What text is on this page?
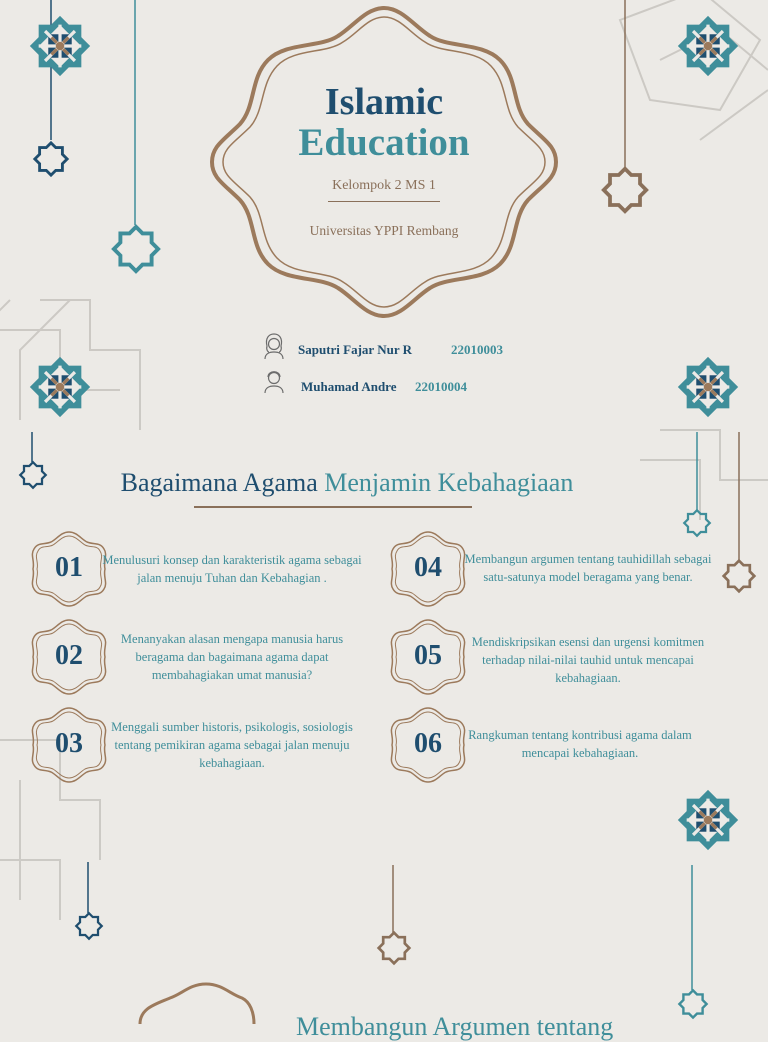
Islamic
Education
Kelompok 2 MS 1
Universitas YPPI Rembang
Saputri Fajar Nur R	22010003
Muhamad Andre 22010004
Bagaimana Agama Menjamin Kebahagiaan
01	Menulusuri konsep dan karakteristik agama sebagai jalan menuju Tuhan dan Kebahagian .
02
Menanyakan alasan mengapa manusia harus beragama dan bagaimana agama dapat membahagiakan umat manusia?
03
Menggali sumber historis, psikologis, sosiologis tentang pemikiran agama sebagai jalan menuju kebahagiaan.
04	Membangun argumen tentang tauhidillah sebagai satu-satunya model beragama yang benar.
05	Mendiskripsikan esensi dan urgensi komitmen terhadap nilai-nilai tauhid untuk mencapai kebahagiaan.
06	Rangkuman tentang kontribusi agama dalam mencapai kebahagiaan.
Membangun Argumen tentang
